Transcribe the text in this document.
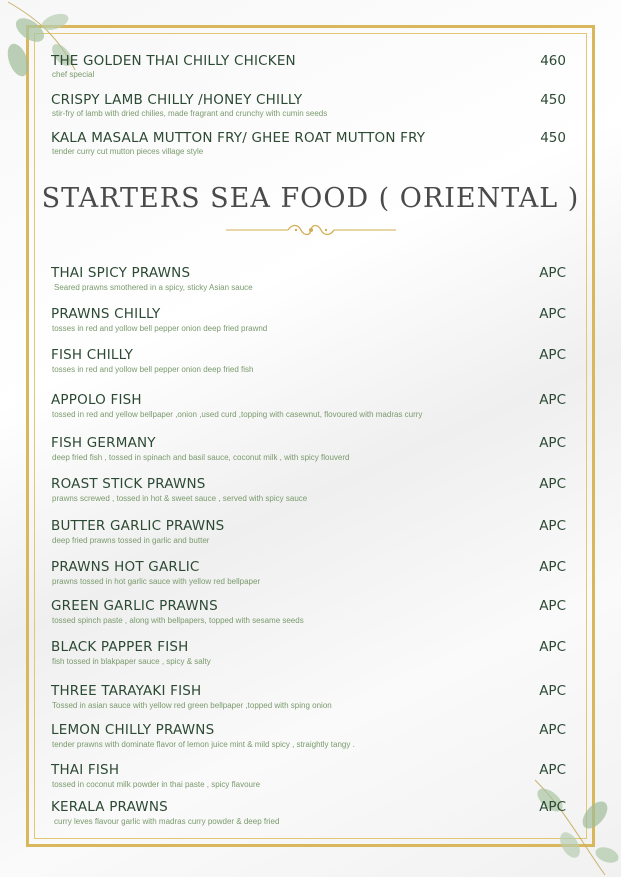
THE GOLDEN THAI CHILLY CHICKEN	460
chef special
CRISPY LAMB CHILLY /HONEY CHILLY	450
stir-fry of lamb with dried chilies, made fragrant and crunchy with cumin seeds
KALA MASALA MUTTON FRY/ GHEE ROAT MUTTON FRY	450
tender curry cut mutton pieces village style
STARTERS SEA FOOD ( ORIENTAL )
THAI SPICY PRAWNS	APC
Seared prawns smothered in a spicy, sticky Asian sauce
PRAWNS CHILLY	APC
tosses in red and yollow bell pepper onion deep fried prawnd
FISH CHILLY	APC
tosses in red and yollow bell pepper onion deep fried fish
APPOLO FISH	APC
tossed in red and yellow bellpaper ,onion ,used curd ,topping with casewnut, flovoured with madras curry
FISH GERMANY	APC
deep fried fish , tossed in spinach and basil sauce, coconut milk , with spicy flouverd
ROAST STICK PRAWNS	APC
prawns screwed , tossed in hot & sweet sauce , served with spicy sauce
BUTTER GARLIC PRAWNS	APC
deep fried prawns tossed in garlic and butter
PRAWNS HOT GARLIC	APC
prawns tossed in hot garlic sauce with yellow red bellpaper
GREEN GARLIC PRAWNS	APC
tossed spinch paste , along with bellpapers, topped with sesame seeds
BLACK PAPPER FISH	APC
fish tossed in blakpaper sauce , spicy & salty
THREE TARAYAKI FISH	APC
Tossed in asian sauce with yellow red green bellpaper ,topped with sping onion
LEMON CHILLY PRAWNS	APC
tender prawns with dominate flavor of lemon juice mint & mild spicy , straightly tangy .
THAI FISH	APC
tossed in coconut milk powder in thai paste , spicy flavoure
KERALA PRAWNS	APC
curry leves flavour garlic with madras curry powder & deep fried
